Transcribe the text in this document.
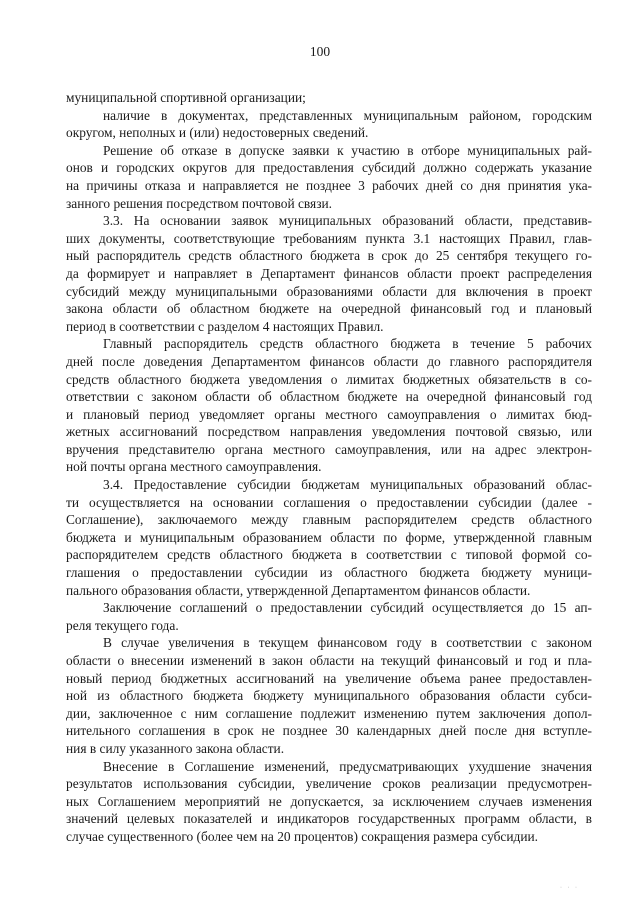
100
муниципальной спортивной организации;
наличие в документах, представленных муниципальным районом, городским
округом, неполных и (или) недостоверных сведений.
Решение об отказе в допуске заявки к участию в отборе муниципальных рай-
онов и городских округов для предоставления субсидий должно содержать указание
на причины отказа и направляется не позднее 3 рабочих дней со дня принятия ука-
занного решения посредством почтовой связи.
3.3. На основании заявок муниципальных образований области, представив-
ших документы, соответствующие требованиям пункта 3.1 настоящих Правил, глав-
ный распорядитель средств областного бюджета в срок до 25 сентября текущего го-
да формирует и направляет в Департамент финансов области проект распределения
субсидий между муниципальными образованиями области для включения в проект
закона области об областном бюджете на очередной финансовый год и плановый
период в соответствии с разделом 4 настоящих Правил.
Главный распорядитель средств областного бюджета в течение 5 рабочих
дней после доведения Департаментом финансов области до главного распорядителя
средств областного бюджета уведомления о лимитах бюджетных обязательств в со-
ответствии с законом области об областном бюджете на очередной финансовый год
и плановый период уведомляет органы местного самоуправления о лимитах бюд-
жетных ассигнований посредством направления уведомления почтовой связью, или
вручения представителю органа местного самоуправления, или на адрес электрон-
ной почты органа местного самоуправления.
3.4. Предоставление субсидии бюджетам муниципальных образований облас-
ти осуществляется на основании соглашения о предоставлении субсидии (далее -
Соглашение), заключаемого между главным распорядителем средств областного
бюджета и муниципальным образованием области по форме, утвержденной главным
распорядителем средств областного бюджета в соответствии с типовой формой со-
глашения о предоставлении субсидии из областного бюджета бюджету муници-
пального образования области, утвержденной Департаментом финансов области.
Заключение соглашений о предоставлении субсидий осуществляется до 15 ап-
реля текущего года.
В случае увеличения в текущем финансовом году в соответствии с законом
области о внесении изменений в закон области на текущий финансовый и год и пла-
новый период бюджетных ассигнований на увеличение объема ранее предоставлен-
ной из областного бюджета бюджету муниципального образования области субси-
дии, заключенное с ним соглашение подлежит изменению путем заключения допол-
нительного соглашения в срок не позднее 30 календарных дней после дня вступле-
ния в силу указанного закона области.
Внесение в Соглашение изменений, предусматривающих ухудшение значения
результатов использования субсидии, увеличение сроков реализации предусмотрен-
ных Соглашением мероприятий не допускается, за исключением случаев изменения
значений целевых показателей и индикаторов государственных программ области, в
случае существенного (более чем на 20 процентов) сокращения размера субсидии.
· · ·
